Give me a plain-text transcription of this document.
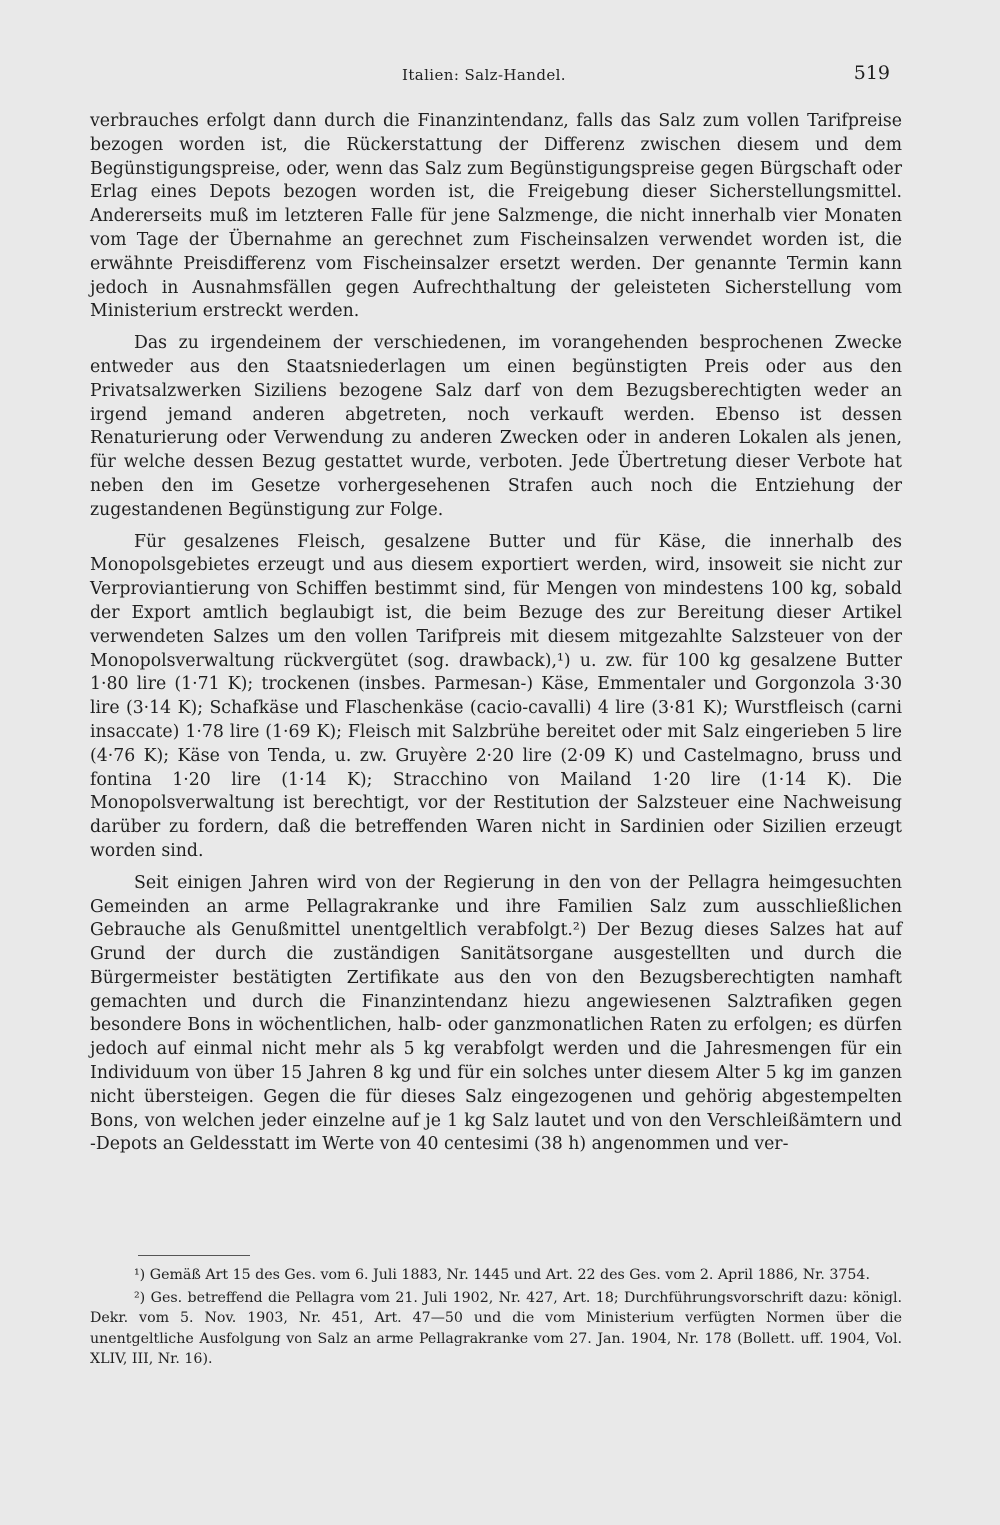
Italien: Salz-Handel.	519

verbrauches erfolgt dann durch die Finanzintendanz, falls das Salz zum vollen Tarifpreise bezogen worden ist, die Rückerstattung der Differenz zwischen diesem und dem Begünstigungspreise, oder, wenn das Salz zum Begünstigungspreise gegen Bürgschaft oder Erlag eines Depots bezogen worden ist, die Freigebung dieser Sicherstellungsmittel. Andererseits muß im letzteren Falle für jene Salzmenge, die nicht innerhalb vier Monaten vom Tage der Übernahme an gerechnet zum Fischeinsalzen verwendet worden ist, die erwähnte Preisdifferenz vom Fischeinsalzer ersetzt werden. Der genannte Termin kann jedoch in Ausnahmsfällen gegen Aufrechthaltung der geleisteten Sicherstellung vom Ministerium erstreckt werden.

Das zu irgendeinem der verschiedenen, im vorangehenden besprochenen Zwecke entweder aus den Staatsniederlagen um einen begünstigten Preis oder aus den Privatsalzwerken Siziliens bezogene Salz darf von dem Bezugsberechtigten weder an irgend jemand anderen abgetreten, noch verkauft werden. Ebenso ist dessen Renaturierung oder Verwendung zu anderen Zwecken oder in anderen Lokalen als jenen, für welche dessen Bezug gestattet wurde, verboten. Jede Übertretung dieser Verbote hat neben den im Gesetze vorhergesehenen Strafen auch noch die Entziehung der zugestandenen Begünstigung zur Folge.

Für gesalzenes Fleisch, gesalzene Butter und für Käse, die innerhalb des Monopolsgebietes erzeugt und aus diesem exportiert werden, wird, insoweit sie nicht zur Verproviantierung von Schiffen bestimmt sind, für Mengen von mindestens 100 kg, sobald der Export amtlich beglaubigt ist, die beim Bezuge des zur Bereitung dieser Artikel verwendeten Salzes um den vollen Tarifpreis mit diesem mitgezahlte Salzsteuer von der Monopolsverwaltung rückvergütet (sog. drawback),¹) u. zw. für 100 kg gesalzene Butter 1·80 lire (1·71 K); trockenen (insbes. Parmesan-) Käse, Emmentaler und Gorgonzola 3·30 lire (3·14 K); Schafkäse und Flaschenkäse (cacio-cavalli) 4 lire (3·81 K); Wurstfleisch (carni insaccate) 1·78 lire (1·69 K); Fleisch mit Salzbrühe bereitet oder mit Salz eingerieben 5 lire (4·76 K); Käse von Tenda, u. zw. Gruyère 2·20 lire (2·09 K) und Castelmagno, bruss und fontina 1·20 lire (1·14 K); Stracchino von Mailand 1·20 lire (1·14 K). Die Monopolsverwaltung ist berechtigt, vor der Restitution der Salzsteuer eine Nachweisung darüber zu fordern, daß die betreffenden Waren nicht in Sardinien oder Sizilien erzeugt worden sind.

Seit einigen Jahren wird von der Regierung in den von der Pellagra heimgesuchten Gemeinden an arme Pellagrakranke und ihre Familien Salz zum ausschließlichen Gebrauche als Genußmittel unentgeltlich verabfolgt.²) Der Bezug dieses Salzes hat auf Grund der durch die zuständigen Sanitätsorgane ausgestellten und durch die Bürgermeister bestätigten Zertifikate aus den von den Bezugsberechtigten namhaft gemachten und durch die Finanzintendanz hiezu angewiesenen Salztrafiken gegen besondere Bons in wöchentlichen, halb- oder ganzmonatlichen Raten zu erfolgen; es dürfen jedoch auf einmal nicht mehr als 5 kg verabfolgt werden und die Jahresmengen für ein Individuum von über 15 Jahren 8 kg und für ein solches unter diesem Alter 5 kg im ganzen nicht übersteigen. Gegen die für dieses Salz eingezogenen und gehörig abgestempelten Bons, von welchen jeder einzelne auf je 1 kg Salz lautet und von den Verschleißämtern und -Depots an Geldesstatt im Werte von 40 centesimi (38 h) angenommen und ver-

¹) Gemäß Art 15 des Ges. vom 6. Juli 1883, Nr. 1445 und Art. 22 des Ges. vom 2. April 1886, Nr. 3754.

²) Ges. betreffend die Pellagra vom 21. Juli 1902, Nr. 427, Art. 18; Durchführungsvorschrift dazu: königl. Dekr. vom 5. Nov. 1903, Nr. 451, Art. 47—50 und die vom Ministerium verfügten Normen über die unentgeltliche Ausfolgung von Salz an arme Pellagrakranke vom 27. Jan. 1904, Nr. 178 (Bollett. uff. 1904, Vol. XLIV, III, Nr. 16).
